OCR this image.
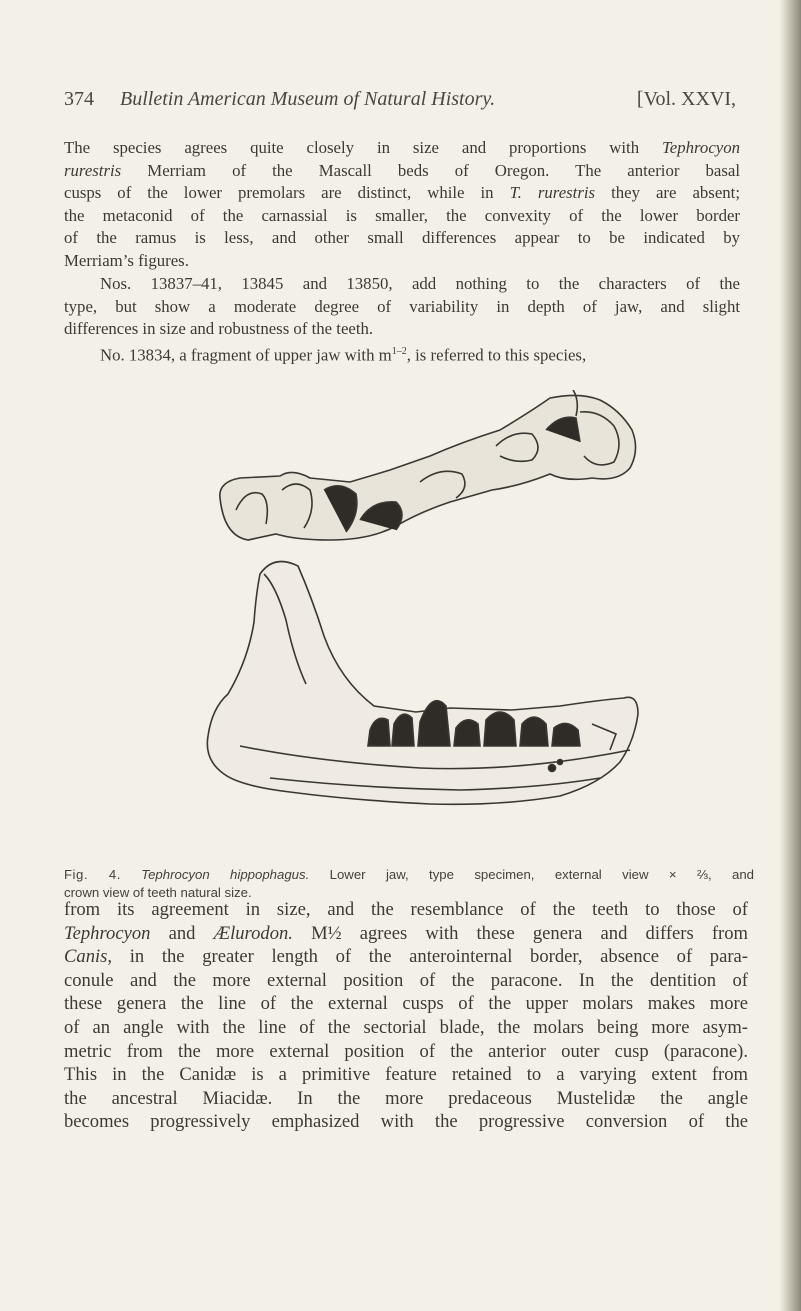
374 Bulletin American Museum of Natural History.	[Vol. XXVI,
The species agrees quite closely in size and proportions with Tephrocyon
rurestris Merriam of the Mascall beds of Oregon. The anterior basal
cusps of the lower premolars are distinct, while in T. rurestris they are absent;
the metaconid of the carnassial is smaller, the convexity of the lower border
of the ramus is less, and other small differences appear to be indicated by
Merriam’s figures.
Nos. 13837–41, 13845 and 13850, add nothing to the characters of the
type, but show a moderate degree of variability in depth of jaw, and slight
differences in size and robustness of the teeth.
No. 13834, a fragment of upper jaw with $m^{1-2}$, is referred to this species,
Fig. 4. Tephrocyon hippophagus. Lower jaw, type specimen, external view × ⅔, and
crown view of teeth natural size.
from its agreement in size, and the resemblance of the teeth to those of
Tephrocyon and Ælurodon. M½ agrees with these genera and differs from
Canis, in the greater length of the anterointernal border, absence of para-
conule and the more external position of the paracone. In the dentition of
these genera the line of the external cusps of the upper molars makes more
of an angle with the line of the sectorial blade, the molars being more asym-
metric from the more external position of the anterior outer cusp (paracone).
This in the Canidæ is a primitive feature retained to a varying extent from
the ancestral Miacidæ. In the more predaceous Mustelidæ the angle
becomes progressively emphasized with the progressive conversion of the
